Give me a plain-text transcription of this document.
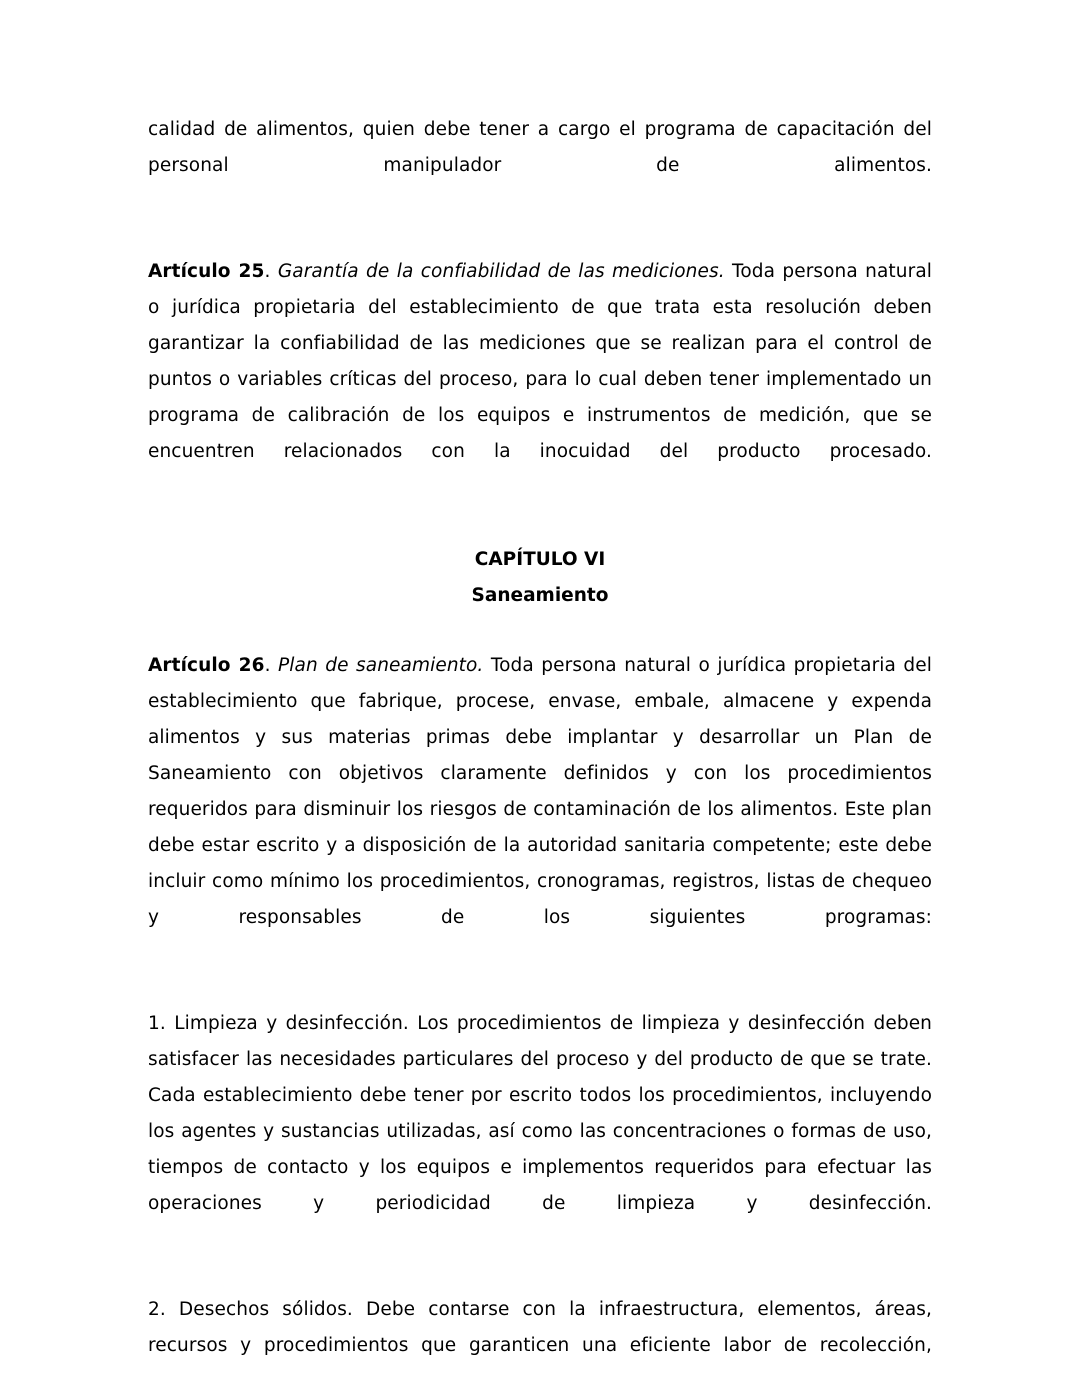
calidad de alimentos, quien debe tener a cargo el programa de capacitación del personal manipulador de alimentos.

Artículo 25. Garantía de la confiabilidad de las mediciones. Toda persona natural o jurídica propietaria del establecimiento de que trata esta resolución deben garantizar la confiabilidad de las mediciones que se realizan para el control de puntos o variables críticas del proceso, para lo cual deben tener implementado un programa de calibración de los equipos e instrumentos de medición, que se encuentren relacionados con la inocuidad del producto procesado.

CAPÍTULO VI
Saneamiento

Artículo 26. Plan de saneamiento. Toda persona natural o jurídica propietaria del establecimiento que fabrique, procese, envase, embale, almacene y expenda alimentos y sus materias primas debe implantar y desarrollar un Plan de Saneamiento con objetivos claramente definidos y con los procedimientos requeridos para disminuir los riesgos de contaminación de los alimentos. Este plan debe estar escrito y a disposición de la autoridad sanitaria competente; este debe incluir como mínimo los procedimientos, cronogramas, registros, listas de chequeo y responsables de los siguientes programas:

1. Limpieza y desinfección. Los procedimientos de limpieza y desinfección deben satisfacer las necesidades particulares del proceso y del producto de que se trate. Cada establecimiento debe tener por escrito todos los procedimientos, incluyendo los agentes y sustancias utilizadas, así como las concentraciones o formas de uso, tiempos de contacto y los equipos e implementos requeridos para efectuar las operaciones y periodicidad de limpieza y desinfección.

2. Desechos sólidos. Debe contarse con la infraestructura, elementos, áreas, recursos y procedimientos que garanticen una eficiente labor de recolección,
